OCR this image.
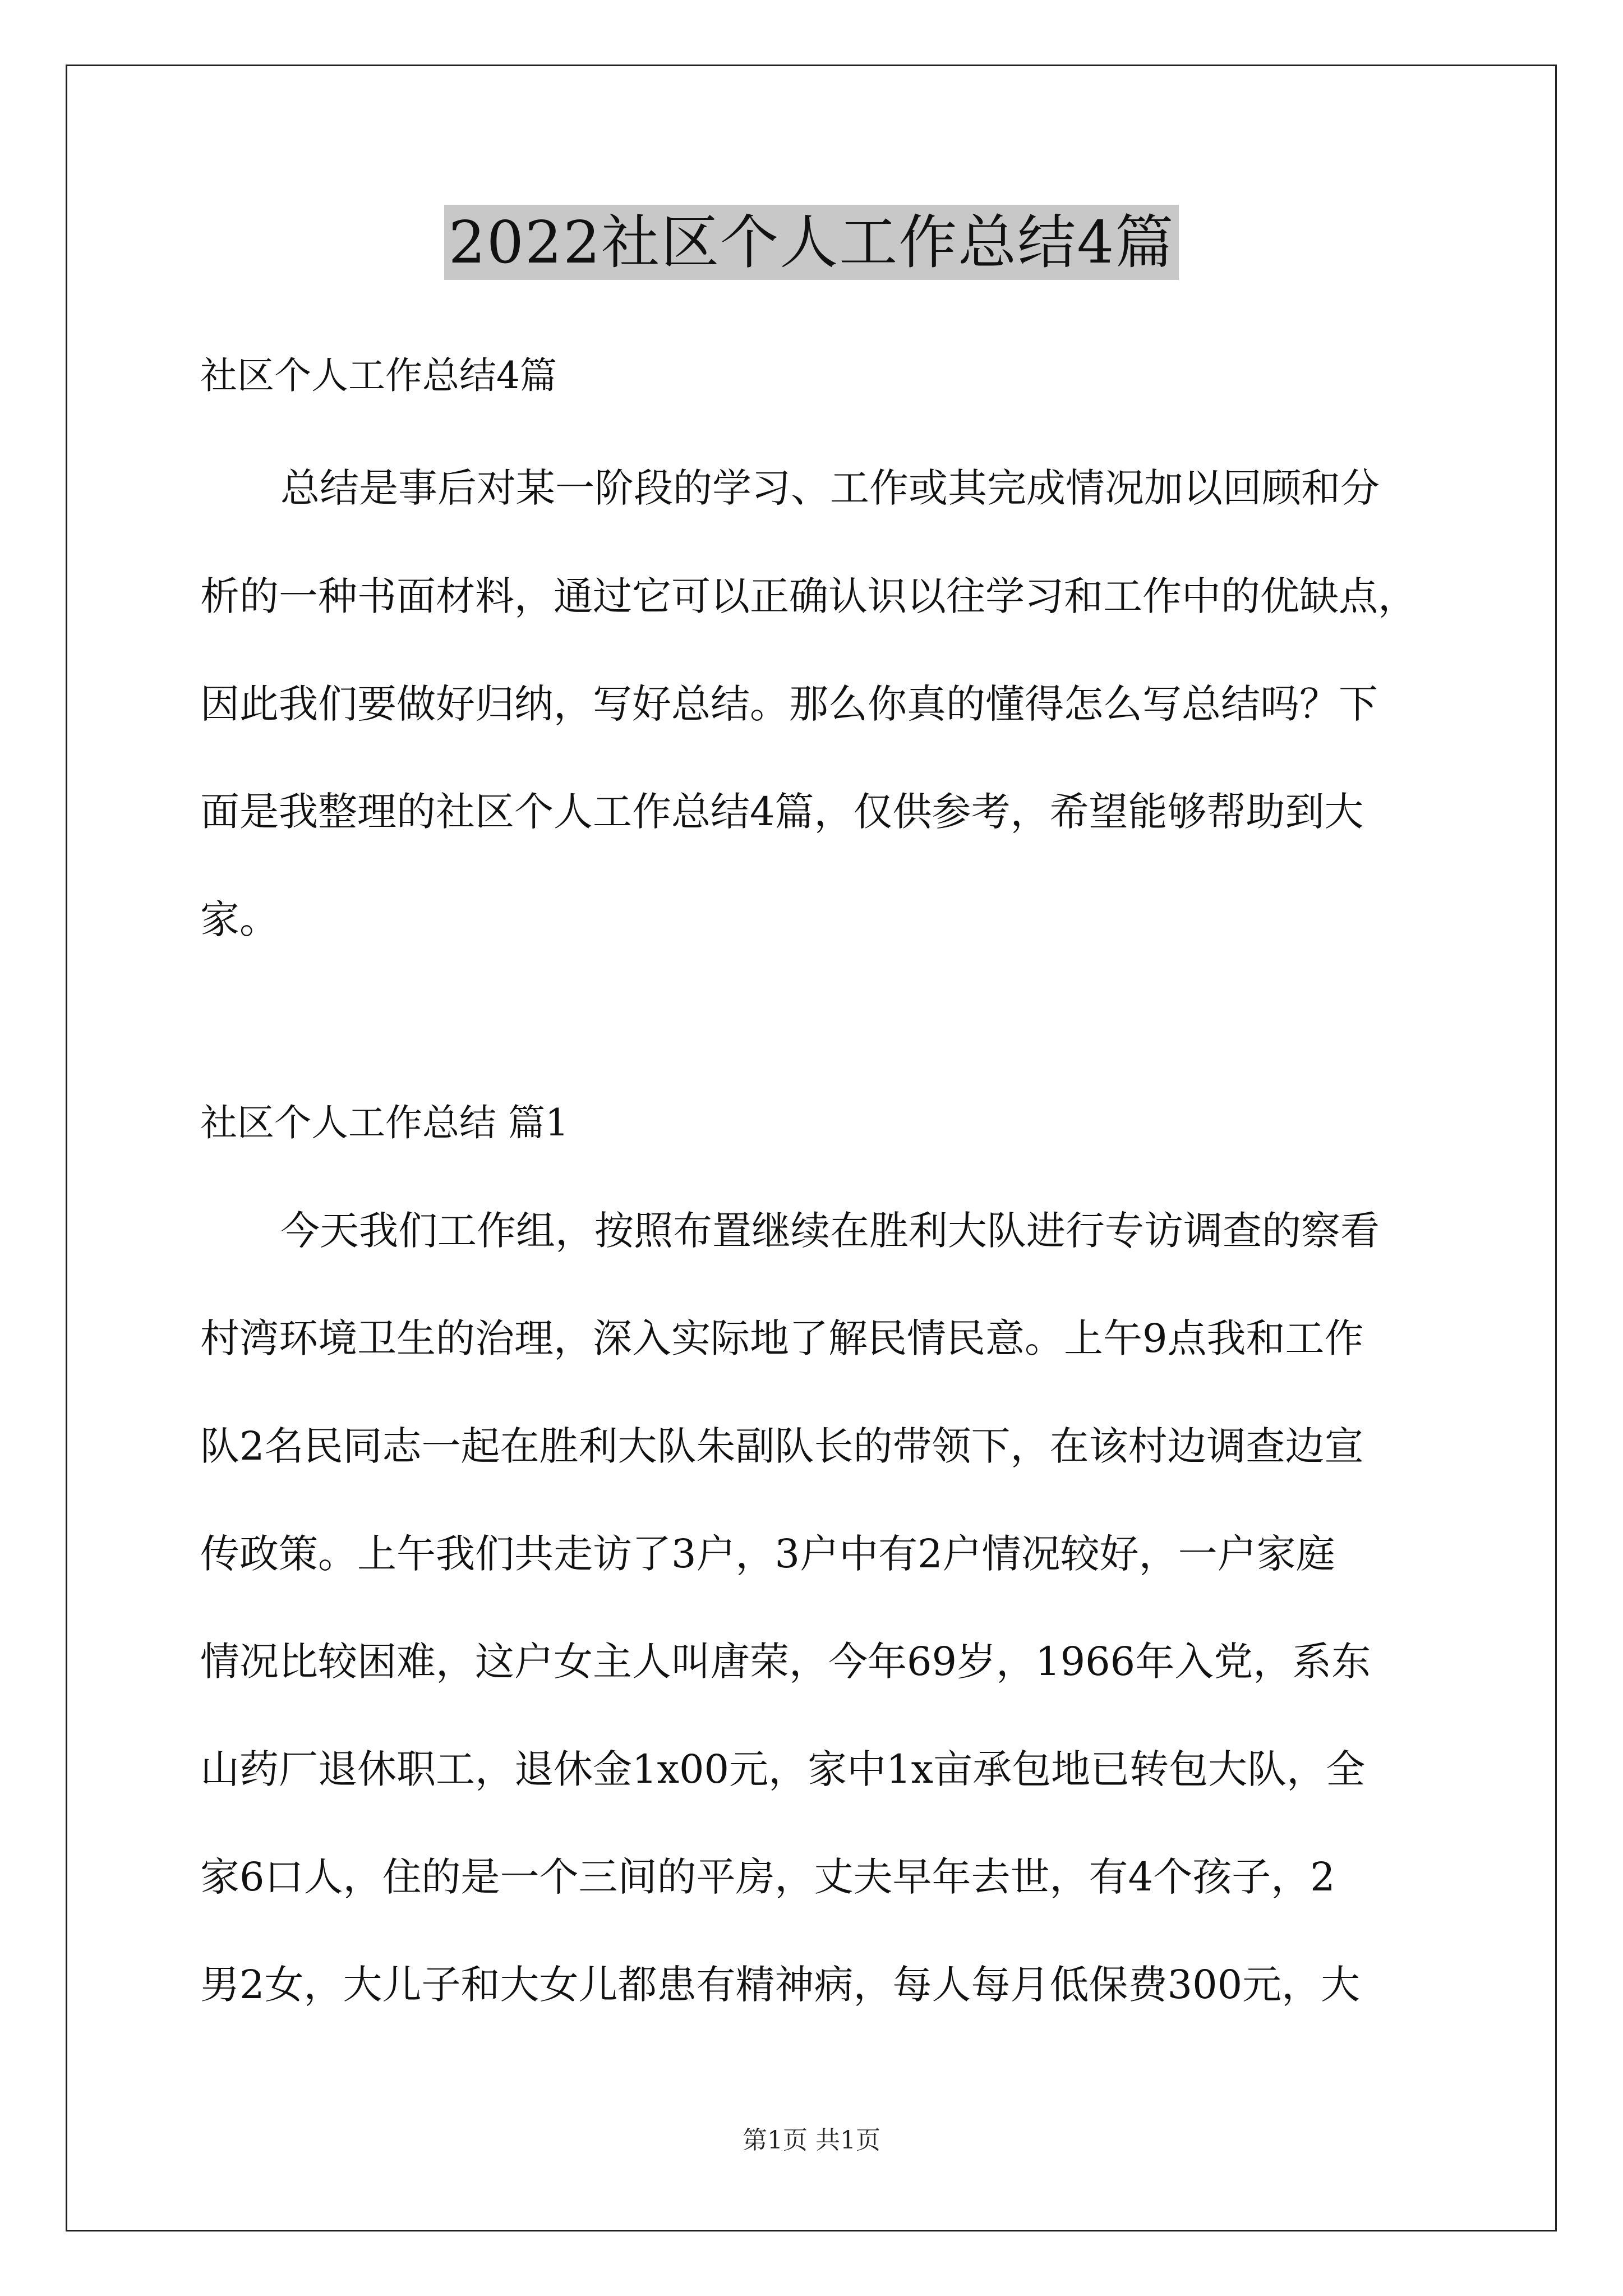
2022社区个人工作总结4篇
社区个人工作总结4篇
总结是事后对某一阶段的学习、工作或其完成情况加以回顾和分
析的一种书面材料，通过它可以正确认识以往学习和工作中的优缺点，
因此我们要做好归纳，写好总结。那么你真的懂得怎么写总结吗？下
面是我整理的社区个人工作总结4篇，仅供参考，希望能够帮助到大
家。
社区个人工作总结 篇1
今天我们工作组，按照布置继续在胜利大队进行专访调查的察看
村湾环境卫生的治理，深入实际地了解民情民意。上午9点我和工作
队2名民同志一起在胜利大队朱副队长的带领下，在该村边调查边宣
传政策。上午我们共走访了3户，3户中有2户情况较好，一户家庭
情况比较困难，这户女主人叫唐荣，今年69岁，1966年入党，系东
山药厂退休职工，退休金1x00元，家中1x亩承包地已转包大队，全
家6口人，住的是一个三间的平房，丈夫早年去世，有4个孩子，2
男2女，大儿子和大女儿都患有精神病，每人每月低保费300元，大
第1页 共1页
